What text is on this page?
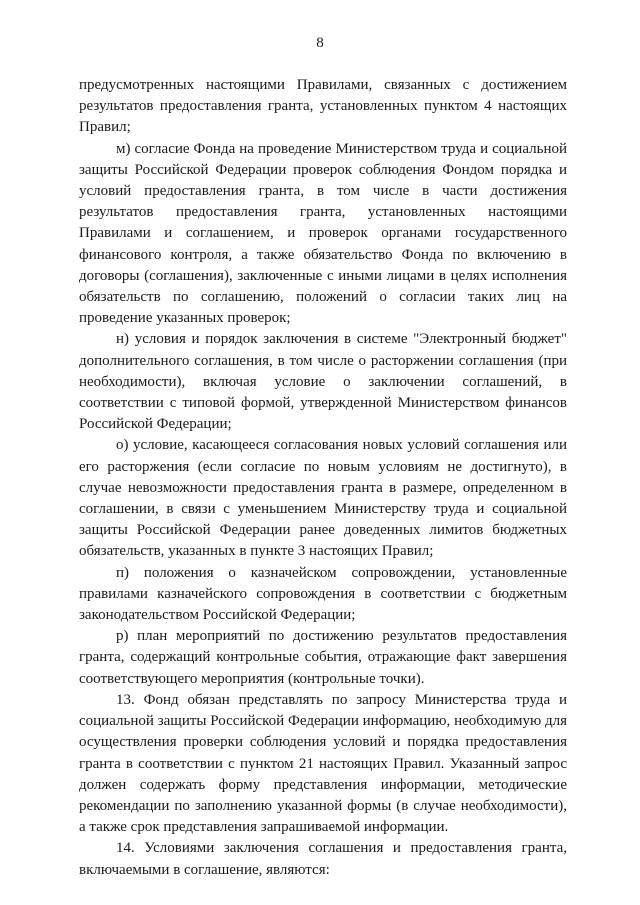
8

предусмотренных настоящими Правилами, связанных с достижением результатов предоставления гранта, установленных пунктом 4 настоящих Правил;

м) согласие Фонда на проведение Министерством труда и социальной защиты Российской Федерации проверок соблюдения Фондом порядка и условий предоставления гранта, в том числе в части достижения результатов предоставления гранта, установленных настоящими Правилами и соглашением, и проверок органами государственного финансового контроля, а также обязательство Фонда по включению в договоры (соглашения), заключенные с иными лицами в целях исполнения обязательств по соглашению, положений о согласии таких лиц на проведение указанных проверок;

н) условия и порядок заключения в системе "Электронный бюджет" дополнительного соглашения, в том числе о расторжении соглашения (при необходимости), включая условие о заключении соглашений, в соответствии с типовой формой, утвержденной Министерством финансов Российской Федерации;

о) условие, касающееся согласования новых условий соглашения или его расторжения (если согласие по новым условиям не достигнуто), в случае невозможности предоставления гранта в размере, определенном в соглашении, в связи с уменьшением Министерству труда и социальной защиты Российской Федерации ранее доведенных лимитов бюджетных обязательств, указанных в пункте 3 настоящих Правил;

п) положения о казначейском сопровождении, установленные правилами казначейского сопровождения в соответствии с бюджетным законодательством Российской Федерации;

р) план мероприятий по достижению результатов предоставления гранта, содержащий контрольные события, отражающие факт завершения соответствующего мероприятия (контрольные точки).

13. Фонд обязан представлять по запросу Министерства труда и социальной защиты Российской Федерации информацию, необходимую для осуществления проверки соблюдения условий и порядка предоставления гранта в соответствии с пунктом 21 настоящих Правил. Указанный запрос должен содержать форму представления информации, методические рекомендации по заполнению указанной формы (в случае необходимости), а также срок представления запрашиваемой информации.

14. Условиями заключения соглашения и предоставления гранта, включаемыми в соглашение, являются:
